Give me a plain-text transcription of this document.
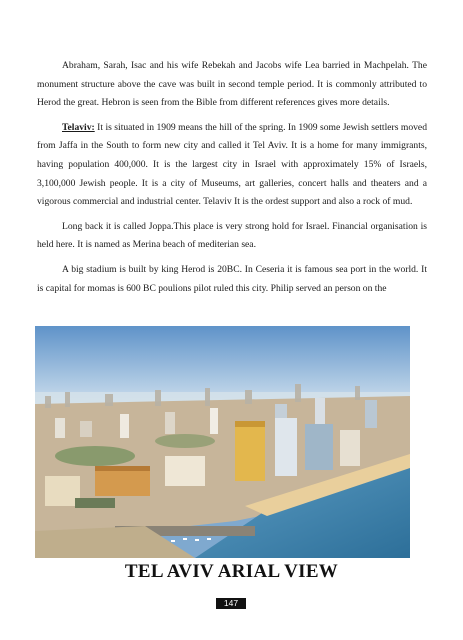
Abraham, Sarah, Isac and his wife Rebekah and Jacobs wife Lea barried in Machpelah. The monument structure above the cave was built in second temple period. It is commonly attributed to Herod the great. Hebron is seen from the Bible from different references gives more details.

Telaviv: It is situated in 1909 means the hill of the spring. In 1909 some Jewish settlers moved from Jaffa in the South to form new city and called it Tel Aviv. It is a home for many immigrants, having population 400,000. It is the largest city in Israel with approximately 15% of Israels, 3,100,000 Jewish people. It is a city of Museums, art galleries, concert halls and theaters and a vigorous commercial and industrial center. Telaviv It is the ordest support and also a rock of mud.

Long back it is called Joppa.This place is very strong hold for Israel. Financial organisation is held here. It is named as Merina beach of mediterian sea.

A big stadium is built by king Herod is 20BC. In Ceseria it is famous sea port in the world. It is capital for momas is 600 BC poulions pilot ruled this city. Philip served an person on the

TEL AVIV ARIAL VIEW
147
